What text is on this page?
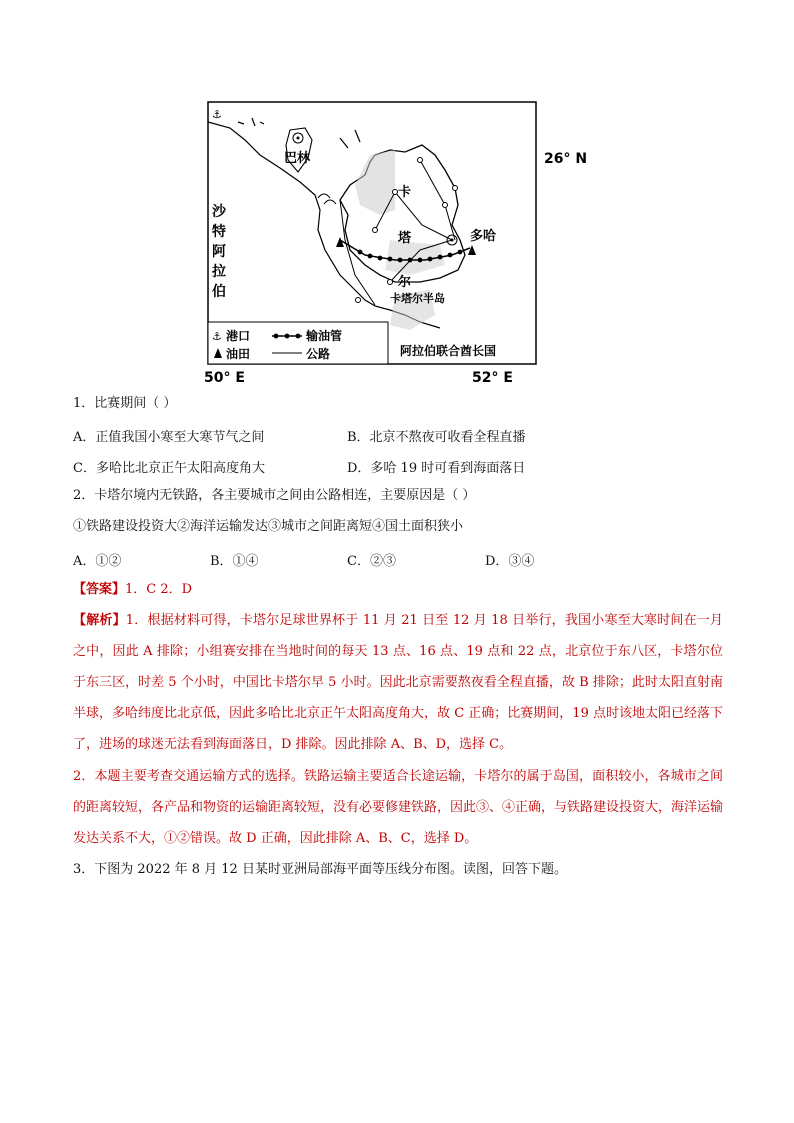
⚓
巴林
卡
塔
尔
多哈
卡塔尔半岛
沙
特
阿
拉
伯
⚓ 港口	输油管
油田	公路	阿拉伯联合酋长国
26° N
50° E	52° E
1．比赛期间（ ）
A．正值我国小寒至大寒节气之间	B．北京不熬夜可收看全程直播
C．多哈比北京正午太阳高度角大	D．多哈 19 时可看到海面落日
2．卡塔尔境内无铁路，各主要城市之间由公路相连，主要原因是（ ）
①铁路建设投资大②海洋运输发达③城市之间距离短④国土面积狭小
A．①②	B．①④	C．②③	D．③④
【答案】1．C 2．D
【解析】1．根据材料可得，卡塔尔足球世界杯于 11 月 21 日至 12 月 18 日举行，我国小寒至大寒时间在一月之中，因此 A 排除；小组赛安排在当地时间的每天 13 点、16 点、19 点和 22 点，北京位于东八区，卡塔尔位于东三区，时差 5 个小时，中国比卡塔尔早 5 小时。因此北京需要熬夜看全程直播，故 B 排除；此时太阳直射南半球，多哈纬度比北京低，因此多哈比北京正午太阳高度角大，故 C 正确；比赛期间，19 点时该地太阳已经落下了，进场的球迷无法看到海面落日，D 排除。因此排除 A、B、D，选择 C。
2．本题主要考查交通运输方式的选择。铁路运输主要适合长途运输，卡塔尔的属于岛国，面积较小，各城市之间的距离较短，各产品和物资的运输距离较短，没有必要修建铁路，因此③、④正确，与铁路建设投资大，海洋运输发达关系不大，①②错误。故 D 正确，因此排除 A、B、C，选择 D。
3．下图为 2022 年 8 月 12 日某时亚洲局部海平面等压线分布图。读图，回答下题。
